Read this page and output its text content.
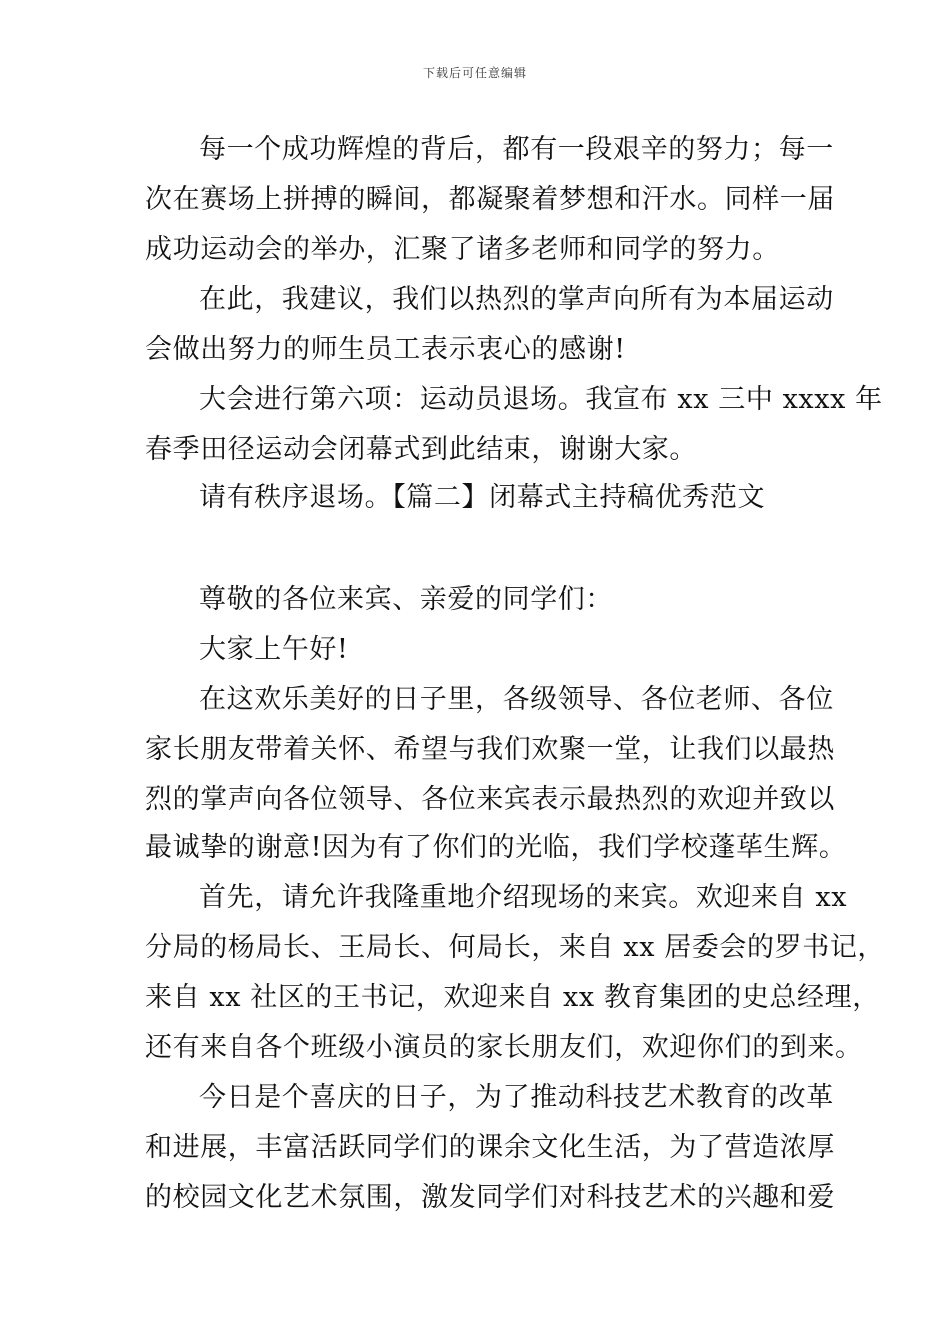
下载后可任意编辑
每一个成功辉煌的背后，都有一段艰辛的努力；每一
次在赛场上拼搏的瞬间，都凝聚着梦想和汗水。同样一届
成功运动会的举办，汇聚了诸多老师和同学的努力。
在此，我建议，我们以热烈的掌声向所有为本届运动
会做出努力的师生员工表示衷心的感谢!
大会进行第六项：运动员退场。我宣布 xx 三中 xxxx 年
春季田径运动会闭幕式到此结束，谢谢大家。
请有秩序退场。【篇二】闭幕式主持稿优秀范文
尊敬的各位来宾、亲爱的同学们：
大家上午好!
在这欢乐美好的日子里，各级领导、各位老师、各位
家长朋友带着关怀、希望与我们欢聚一堂，让我们以最热
烈的掌声向各位领导、各位来宾表示最热烈的欢迎并致以
最诚挚的谢意!因为有了你们的光临，我们学校蓬荜生辉。
首先，请允许我隆重地介绍现场的来宾。欢迎来自 xx
分局的杨局长、王局长、何局长，来自 xx 居委会的罗书记，
来自 xx 社区的王书记，欢迎来自 xx 教育集团的史总经理，
还有来自各个班级小演员的家长朋友们，欢迎你们的到来。
今日是个喜庆的日子，为了推动科技艺术教育的改革
和进展，丰富活跃同学们的课余文化生活，为了营造浓厚
的校园文化艺术氛围，激发同学们对科技艺术的兴趣和爱
